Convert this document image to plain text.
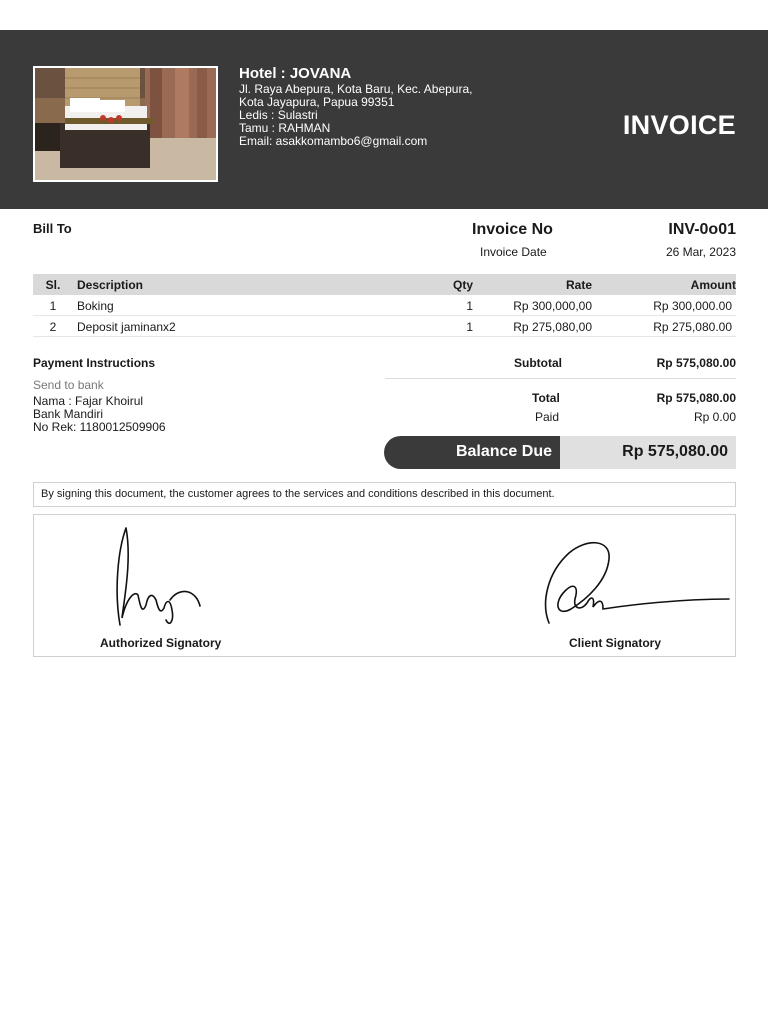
Hotel : JOVANA
Jl. Raya Abepura, Kota Baru, Kec. Abepura,
Kota Jayapura, Papua 99351
Ledis : Sulastri
Tamu : RAHMAN
Email: asakkomambo6@gmail.com
INVOICE
Bill To	Invoice No	INV-0o01
Invoice Date	26 Mar, 2023
Sl.	Description	Qty	Rate	Amount
1	Boking	1	Rp 300,000,00	Rp 300,000.00
2	Deposit jaminanx2	1	Rp 275,080,00	Rp 275,080.00
Payment Instructions
Send to bank
Nama : Fajar Khoirul
Bank Mandiri
No Rek: 1180012509906
Subtotal	Rp 575,080.00
Total	Rp 575,080.00
Paid	Rp 0.00
Balance Due	Rp 575,080.00
By signing this document, the customer agrees to the services and conditions described in this document.
Authorized Signatory	Client Signatory
